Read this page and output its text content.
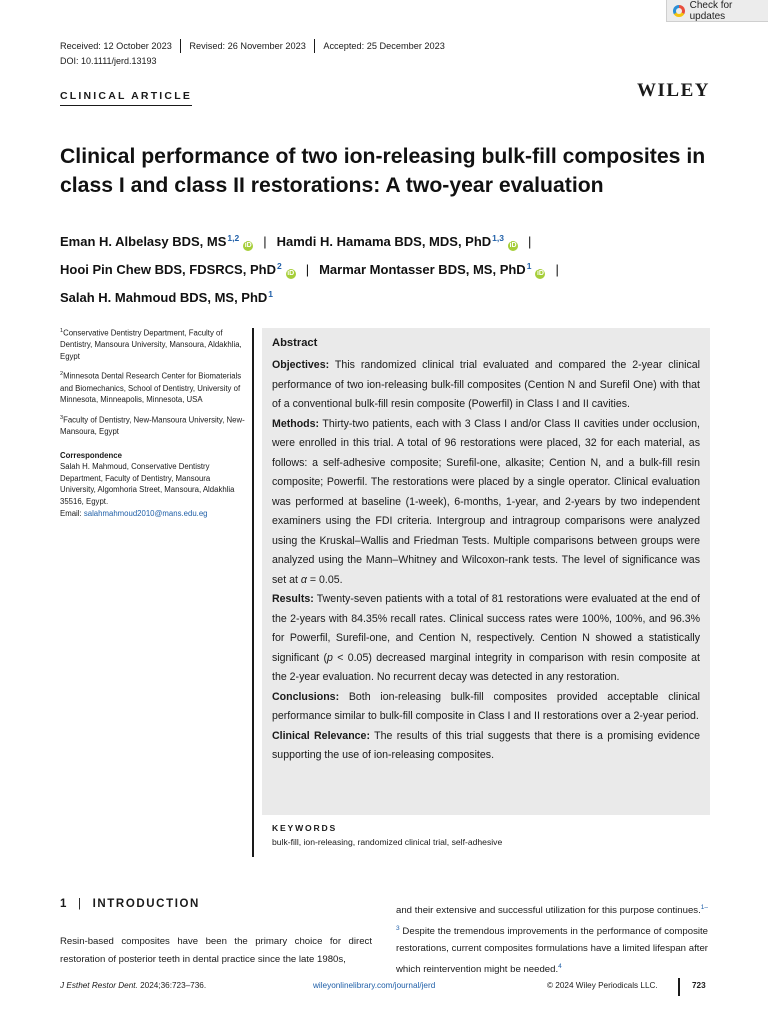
Check for updates
Received: 12 October 2023 Revised: 26 November 2023 Accepted: 25 December 2023
DOI: 10.1111/jerd.13193
CLINICAL ARTICLE	WILEY
Clinical performance of two ion-releasing bulk-fill composites in class I and class II restorations: A two-year evaluation
Eman H. Albelasy BDS, MS$^{1,2}$iD | Hamdi H. Hamama BDS, MDS, PhD$^{1,3}$iD |
Hooi Pin Chew BDS, FDSRCS, PhD$^2$iD | Marmar Montasser BDS, MS, PhD$^1$iD |
Salah H. Mahmoud BDS, MS, PhD$^1$

$^1$Conservative Dentistry Department, Faculty of Dentistry, Mansoura University, Mansoura, Aldakhlia, Egypt

$^2$Minnesota Dental Research Center for Biomaterials and Biomechanics, School of Dentistry, University of Minnesota, Minneapolis, Minnesota, USA

$^3$Faculty of Dentistry, New-Mansoura University, New-Mansoura, Egypt

Correspondence

Salah H. Mahmoud, Conservative Dentistry Department, Faculty of Dentistry, Mansoura University, Algomhoria Street, Mansoura, Aldakhlia 35516, Egypt.

Email: salahmahmoud2010@mans.edu.eg

Abstract

Objectives: This randomized clinical trial evaluated and compared the 2-year clinical performance of two ion-releasing bulk-fill composites (Cention N and Surefil One) with that of a conventional bulk-fill resin composite (Powerfil) in Class I and II cavities.

Methods: Thirty-two patients, each with 3 Class I and/or Class II cavities under occlusion, were enrolled in this trial. A total of 96 restorations were placed, 32 for each material, as follows: a self-adhesive composite; Surefil-one, alkasite; Cention N, and a bulk-fill resin composite; Powerfil. The restorations were placed by a single operator. Clinical evaluation was performed at baseline (1-week), 6-months, 1-year, and 2-years by two independent examiners using the FDI criteria. Intergroup and intragroup comparisons were analyzed using the Kruskal–Wallis and Friedman Tests. Multiple comparisons between groups were analyzed using the Mann–Whitney and Wilcoxon-rank tests. The level of significance was set at α = 0.05.

Results: Twenty-seven patients with a total of 81 restorations were evaluated at the end of the 2-years with 84.35% recall rates. Clinical success rates were 100%, 100%, and 96.3% for Powerfil, Surefil-one, and Cention N, respectively. Cention N showed a statistically significant (p < 0.05) decreased marginal integrity in comparison with resin composite at the 2-year evaluation. No recurrent decay was detected in any restoration.

Conclusions: Both ion-releasing bulk-fill composites provided acceptable clinical performance similar to bulk-fill composite in Class I and II restorations over a 2-year period.

Clinical Relevance: The results of this trial suggests that there is a promising evidence supporting the use of ion-releasing composites.

KEYWORDS
bulk-fill, ion-releasing, randomized clinical trial, self-adhesive
1 | INTRODUCTION

Resin-based composites have been the primary choice for direct restoration of posterior teeth in dental practice since the late 1980s,

and their extensive and successful utilization for this purpose continues.$^{1-3}$ Despite the tremendous improvements in the performance of composite restorations, current composites formulations have a limited lifespan after which reintervention might be needed.$^4$

J Esthet Restor Dent. 2024;36:723–736.	wileyonlinelibrary.com/journal/jerd	© 2024 Wiley Periodicals LLC.	723
